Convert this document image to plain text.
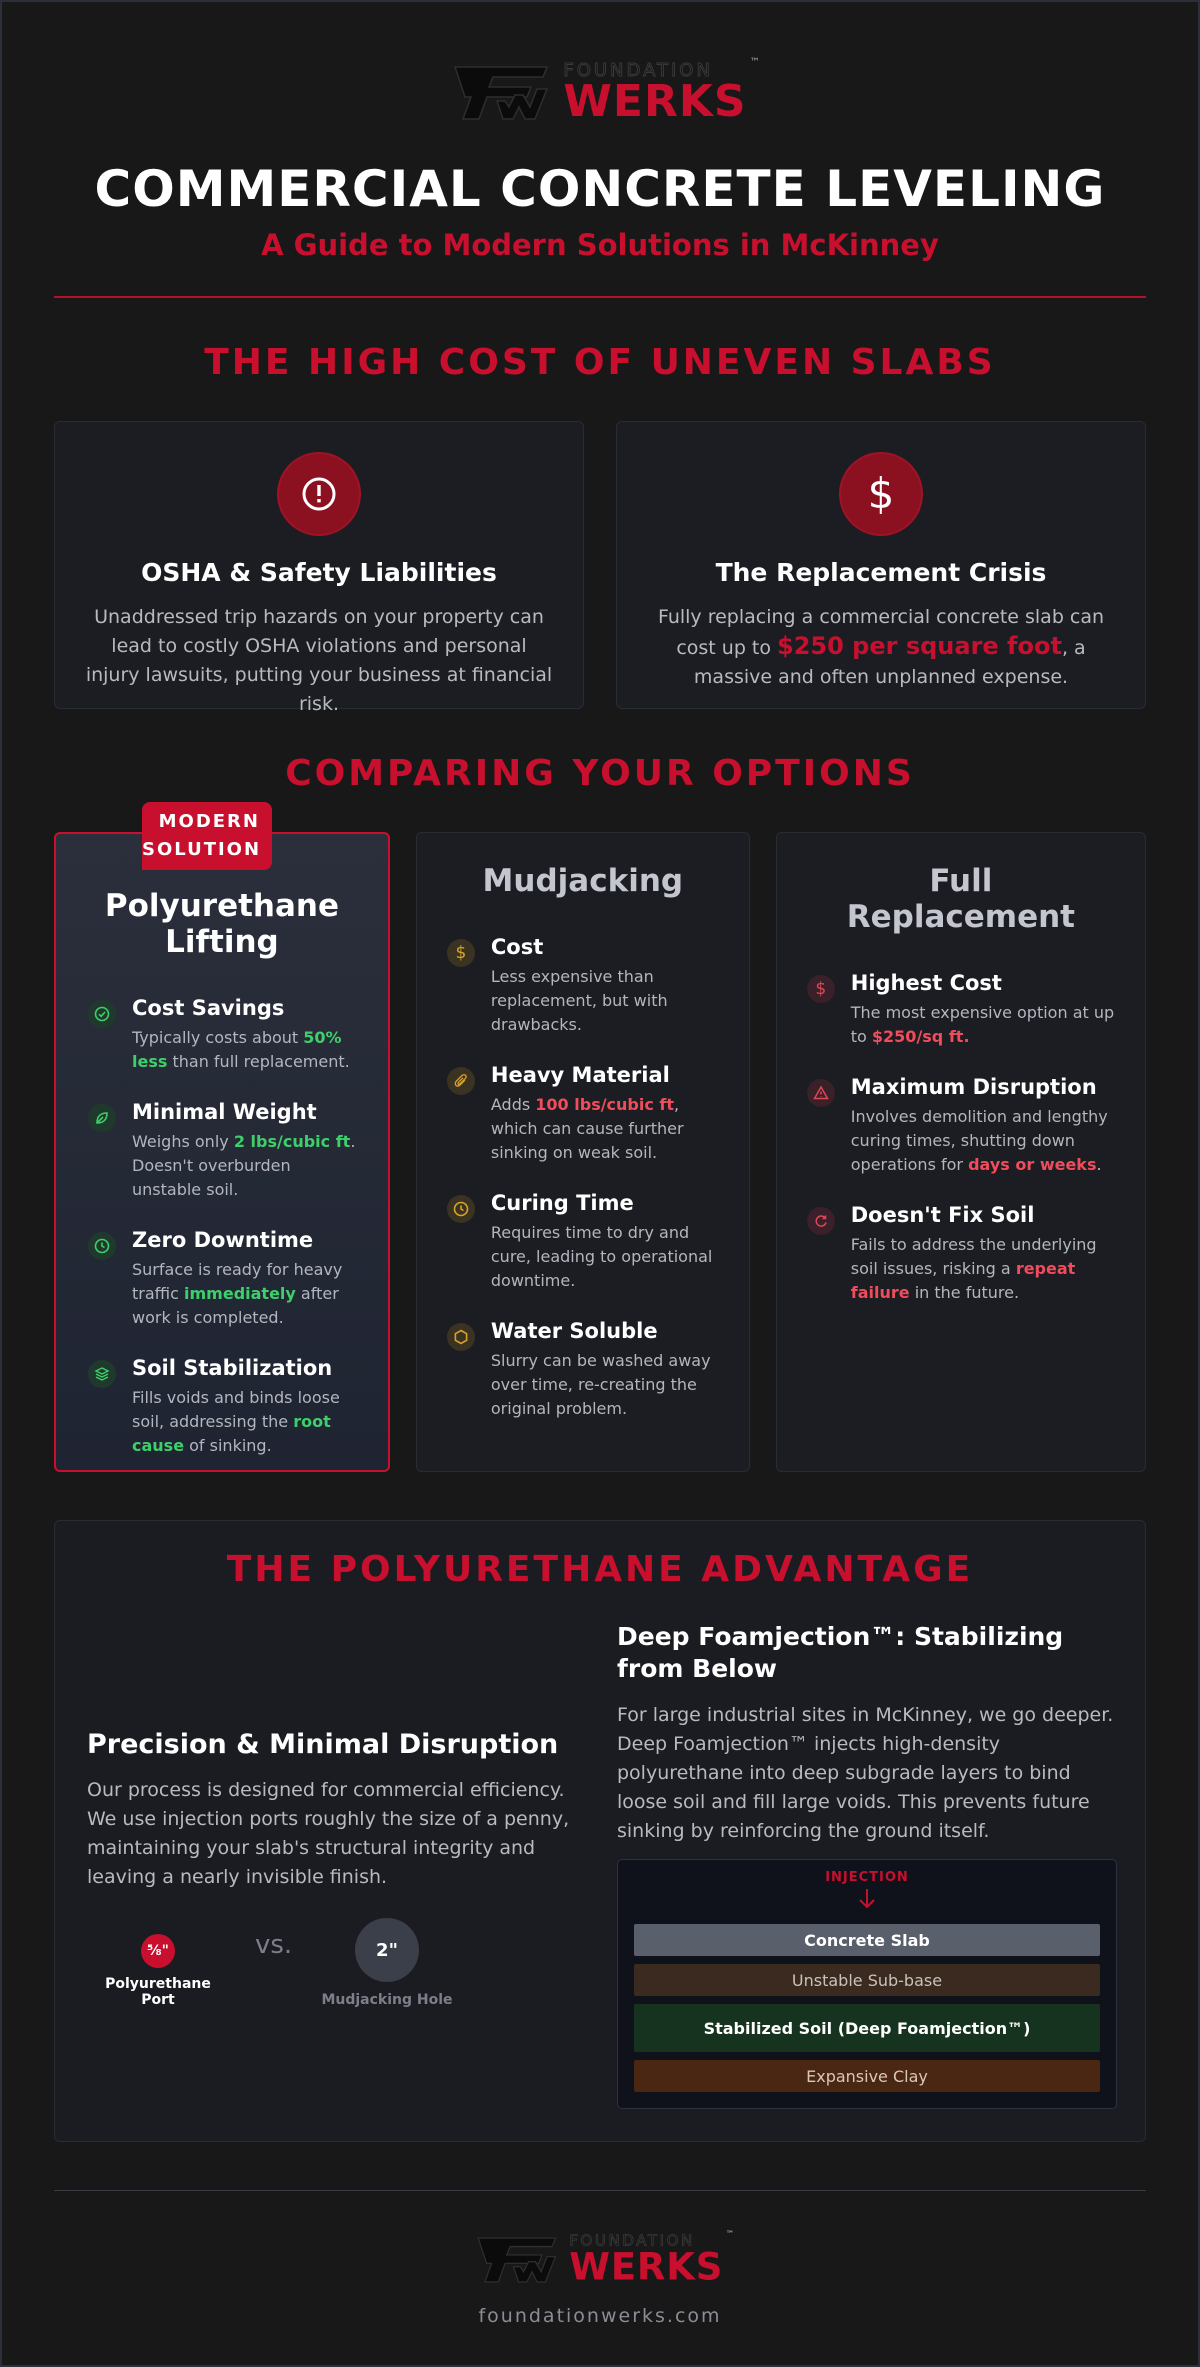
FOUNDATION	™
WERKS
COMMERCIAL CONCRETE LEVELING
A Guide to Modern Solutions in McKinney
THE HIGH COST OF UNEVEN SLABS
OSHA & Safety Liabilities

Unaddressed trip hazards on your property can lead to costly OSHA violations and personal injury lawsuits, putting your business at financial risk.

$
The Replacement Crisis

Fully replacing a commercial concrete slab can cost up to $250 per square foot, a massive and often unplanned expense.

COMPARING YOUR OPTIONS
MODERN SOLUTION
Polyurethane Lifting
Cost Savings

Typically costs about 50% less than full replacement.

Minimal Weight

Weighs only 2 lbs/cubic ft. Doesn't overburden unstable soil.

Zero Downtime

Surface is ready for heavy traffic immediately after work is completed.

Soil Stabilization

Fills voids and binds loose soil, addressing the root cause of sinking.

Mudjacking
$ Cost

Less expensive than replacement, but with drawbacks.

Heavy Material

Adds 100 lbs/cubic ft, which can cause further sinking on weak soil.

Curing Time

Requires time to dry and cure, leading to operational downtime.

Water Soluble

Slurry can be washed away over time, re-creating the original problem.

Full Replacement
$ Highest Cost

The most expensive option at up to $250/sq ft.

Maximum Disruption

Involves demolition and lengthy curing times, shutting down operations for days or weeks.

Doesn't Fix Soil

Fails to address the underlying soil issues, risking a repeat failure in the future.

THE POLYURETHANE ADVANTAGE
Precision & Minimal Disruption

Our process is designed for commercial efficiency. We use injection ports roughly the size of a penny, maintaining your slab's structural integrity and leaving a nearly invisible finish.

⅝"
Polyurethane Port
vs.	2"
Mudjacking Hole
Deep Foamjection™: Stabilizing from Below

For large industrial sites in McKinney, we go deeper. Deep Foamjection™ injects high-density polyurethane into deep subgrade layers to bind loose soil and fill large voids. This prevents future sinking by reinforcing the ground itself.

INJECTION
Concrete Slab
Unstable Sub-base
Stabilized Soil (Deep Foamjection™)
Expansive Clay
FOUNDATION	™
WERKS
foundationwerks.com
